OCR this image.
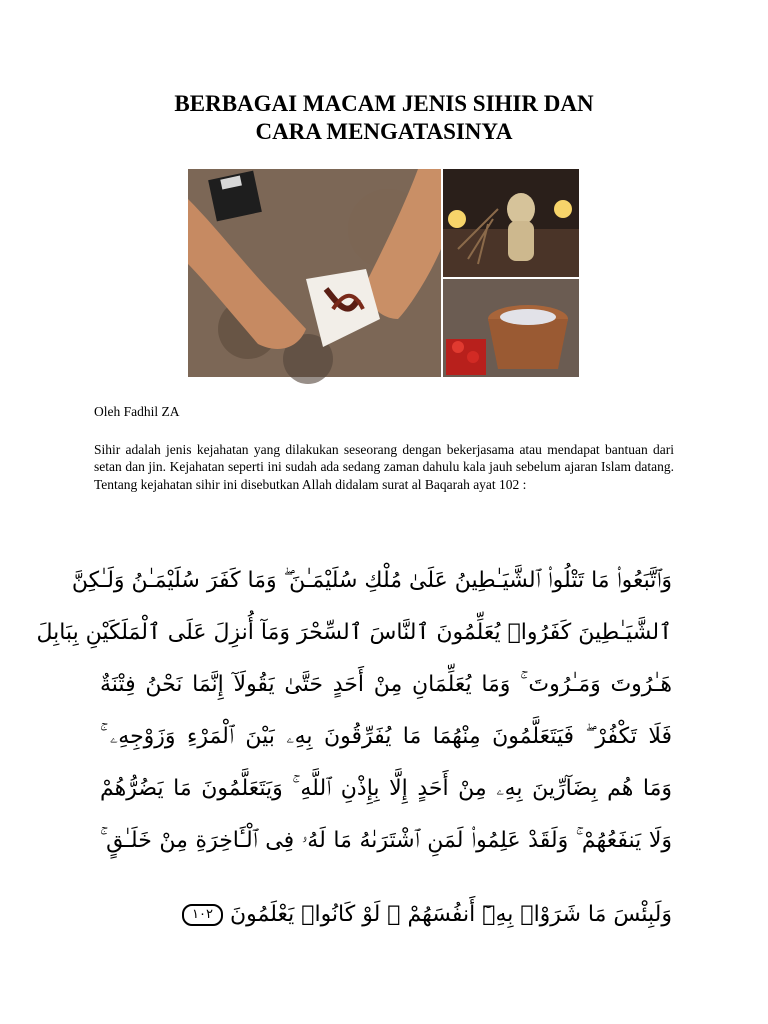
BERBAGAI MACAM JENIS SIHIR DAN
CARA MENGATASINYA

Oleh Fadhil ZA

Sihir adalah jenis kejahatan yang dilakukan seseorang dengan bekerjasama atau mendapat bantuan dari setan dan jin. Kejahatan seperti ini sudah ada sedang zaman dahulu kala jauh sebelum ajaran Islam datang. Tentang kejahatan sihir ini disebutkan Allah didalam surat al Baqarah ayat 102 :

وَٱتَّبَعُوا۟ مَا تَتْلُوا۟ ٱلشَّيَـٰطِينُ عَلَىٰ مُلْكِ سُلَيْمَـٰنَ ۖ وَمَا كَفَرَ سُلَيْمَـٰنُ وَلَـٰكِنَّ
ٱلشَّيَـٰطِينَ كَفَرُوا۟ يُعَلِّمُونَ ٱلنَّاسَ ٱلسِّحْرَ وَمَآ أُنزِلَ عَلَى ٱلْمَلَكَيْنِ بِبَابِلَ
هَـٰرُوتَ وَمَـٰرُوتَ ۚ وَمَا يُعَلِّمَانِ مِنْ أَحَدٍ حَتَّىٰ يَقُولَآ إِنَّمَا نَحْنُ فِتْنَةٌ
فَلَا تَكْفُرْ ۖ فَيَتَعَلَّمُونَ مِنْهُمَا مَا يُفَرِّقُونَ بِهِۦ بَيْنَ ٱلْمَرْءِ وَزَوْجِهِۦ ۚ
وَمَا هُم بِضَآرِّينَ بِهِۦ مِنْ أَحَدٍ إِلَّا بِإِذْنِ ٱللَّهِ ۚ وَيَتَعَلَّمُونَ مَا يَضُرُّهُمْ
وَلَا يَنفَعُهُمْ ۚ وَلَقَدْ عَلِمُوا۟ لَمَنِ ٱشْتَرَىٰهُ مَا لَهُۥ فِى ٱلْـَٔاخِرَةِ مِنْ خَلَـٰقٍ ۚ
وَلَبِئْسَ مَا شَرَوْا۟ بِهِۦٓ أَنفُسَهُمْ ۚ لَوْ كَانُوا۟ يَعْلَمُونَ ١٠٢
